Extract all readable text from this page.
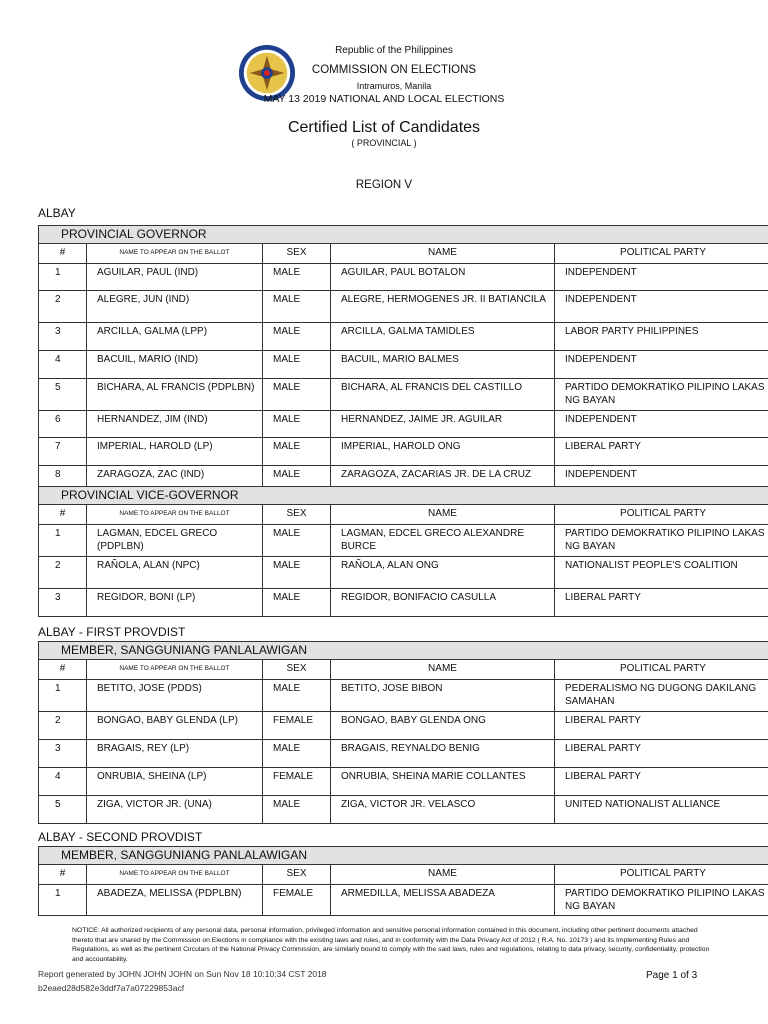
Republic of the Philippines
COMMISSION ON ELECTIONS
Intramuros, Manila
MAY 13 2019 NATIONAL AND LOCAL ELECTIONS
Certified List of Candidates
( PROVINCIAL )
REGION V
ALBAY
PROVINCIAL GOVERNOR				
#	NAME TO APPEAR ON THE BALLOT	SEX	NAME	POLITICAL PARTY
1	AGUILAR, PAUL (IND)	MALE	AGUILAR, PAUL BOTALON	INDEPENDENT
2	ALEGRE, JUN (IND)	MALE	ALEGRE, HERMOGENES JR. II BATIANCILA	INDEPENDENT
3	ARCILLA, GALMA (LPP)	MALE	ARCILLA, GALMA TAMIDLES	LABOR PARTY PHILIPPINES
4	BACUIL, MARIO (IND)	MALE	BACUIL, MARIO BALMES	INDEPENDENT
5	BICHARA, AL FRANCIS (PDPLBN)	MALE	BICHARA, AL FRANCIS DEL CASTILLO	PARTIDO DEMOKRATIKO PILIPINO LAKAS NG BAYAN
6	HERNANDEZ, JIM (IND)	MALE	HERNANDEZ, JAIME JR. AGUILAR	INDEPENDENT
7	IMPERIAL, HAROLD (LP)	MALE	IMPERIAL, HAROLD ONG	LIBERAL PARTY
8	ZARAGOZA, ZAC (IND)	MALE	ZARAGOZA, ZACARIAS JR. DE LA CRUZ	INDEPENDENT
PROVINCIAL VICE-GOVERNOR				
#	NAME TO APPEAR ON THE BALLOT	SEX	NAME	POLITICAL PARTY
1	LAGMAN, EDCEL GRECO (PDPLBN)	MALE	LAGMAN, EDCEL GRECO ALEXANDRE BURCE	PARTIDO DEMOKRATIKO PILIPINO LAKAS NG BAYAN
2	RAÑOLA, ALAN (NPC)	MALE	RAÑOLA, ALAN ONG	NATIONALIST PEOPLE'S COALITION
3	REGIDOR, BONI (LP)	MALE	REGIDOR, BONIFACIO CASULLA	LIBERAL PARTY
ALBAY - FIRST PROVDIST
MEMBER, SANGGUNIANG PANLALAWIGAN				
#	NAME TO APPEAR ON THE BALLOT	SEX	NAME	POLITICAL PARTY
1	BETITO, JOSE (PDDS)	MALE	BETITO, JOSE BIBON	PEDERALISMO NG DUGONG DAKILANG SAMAHAN
2	BONGAO, BABY GLENDA (LP)	FEMALE	BONGAO, BABY GLENDA ONG	LIBERAL PARTY
3	BRAGAIS, REY (LP)	MALE	BRAGAIS, REYNALDO BENIG	LIBERAL PARTY
4	ONRUBIA, SHEINA (LP)	FEMALE	ONRUBIA, SHEINA MARIE COLLANTES	LIBERAL PARTY
5	ZIGA, VICTOR JR. (UNA)	MALE	ZIGA, VICTOR JR. VELASCO	UNITED NATIONALIST ALLIANCE
ALBAY - SECOND PROVDIST
MEMBER, SANGGUNIANG PANLALAWIGAN				
#	NAME TO APPEAR ON THE BALLOT	SEX	NAME	POLITICAL PARTY
1	ABADEZA, MELISSA (PDPLBN)	FEMALE	ARMEDILLA, MELISSA ABADEZA	PARTIDO DEMOKRATIKO PILIPINO LAKAS NG BAYAN
NOTICE: All authorized recipients of any personal data, personal information, privileged information and sensitive personal information contained in this document, including other pertinent documents attached thereto that are shared by the Commission on Elections in compliance with the existing laws and rules, and in conformity with the Data Privacy Act of 2012 ( R.A. No. 10173 ) and its Implementing Rules and Regulations, as well as the pertinent Circulars of the National Privacy Commission, are similarly bound to comply with the said laws, rules and regulations, relating to data privacy, security, confidentiality, protection and accountability.
Report generated by JOHN JOHN JOHN on Sun Nov 18 10:10:34 CST 2018
b2eaed28d582e3ddf7a7a07229853acf
Page 1 of 3
